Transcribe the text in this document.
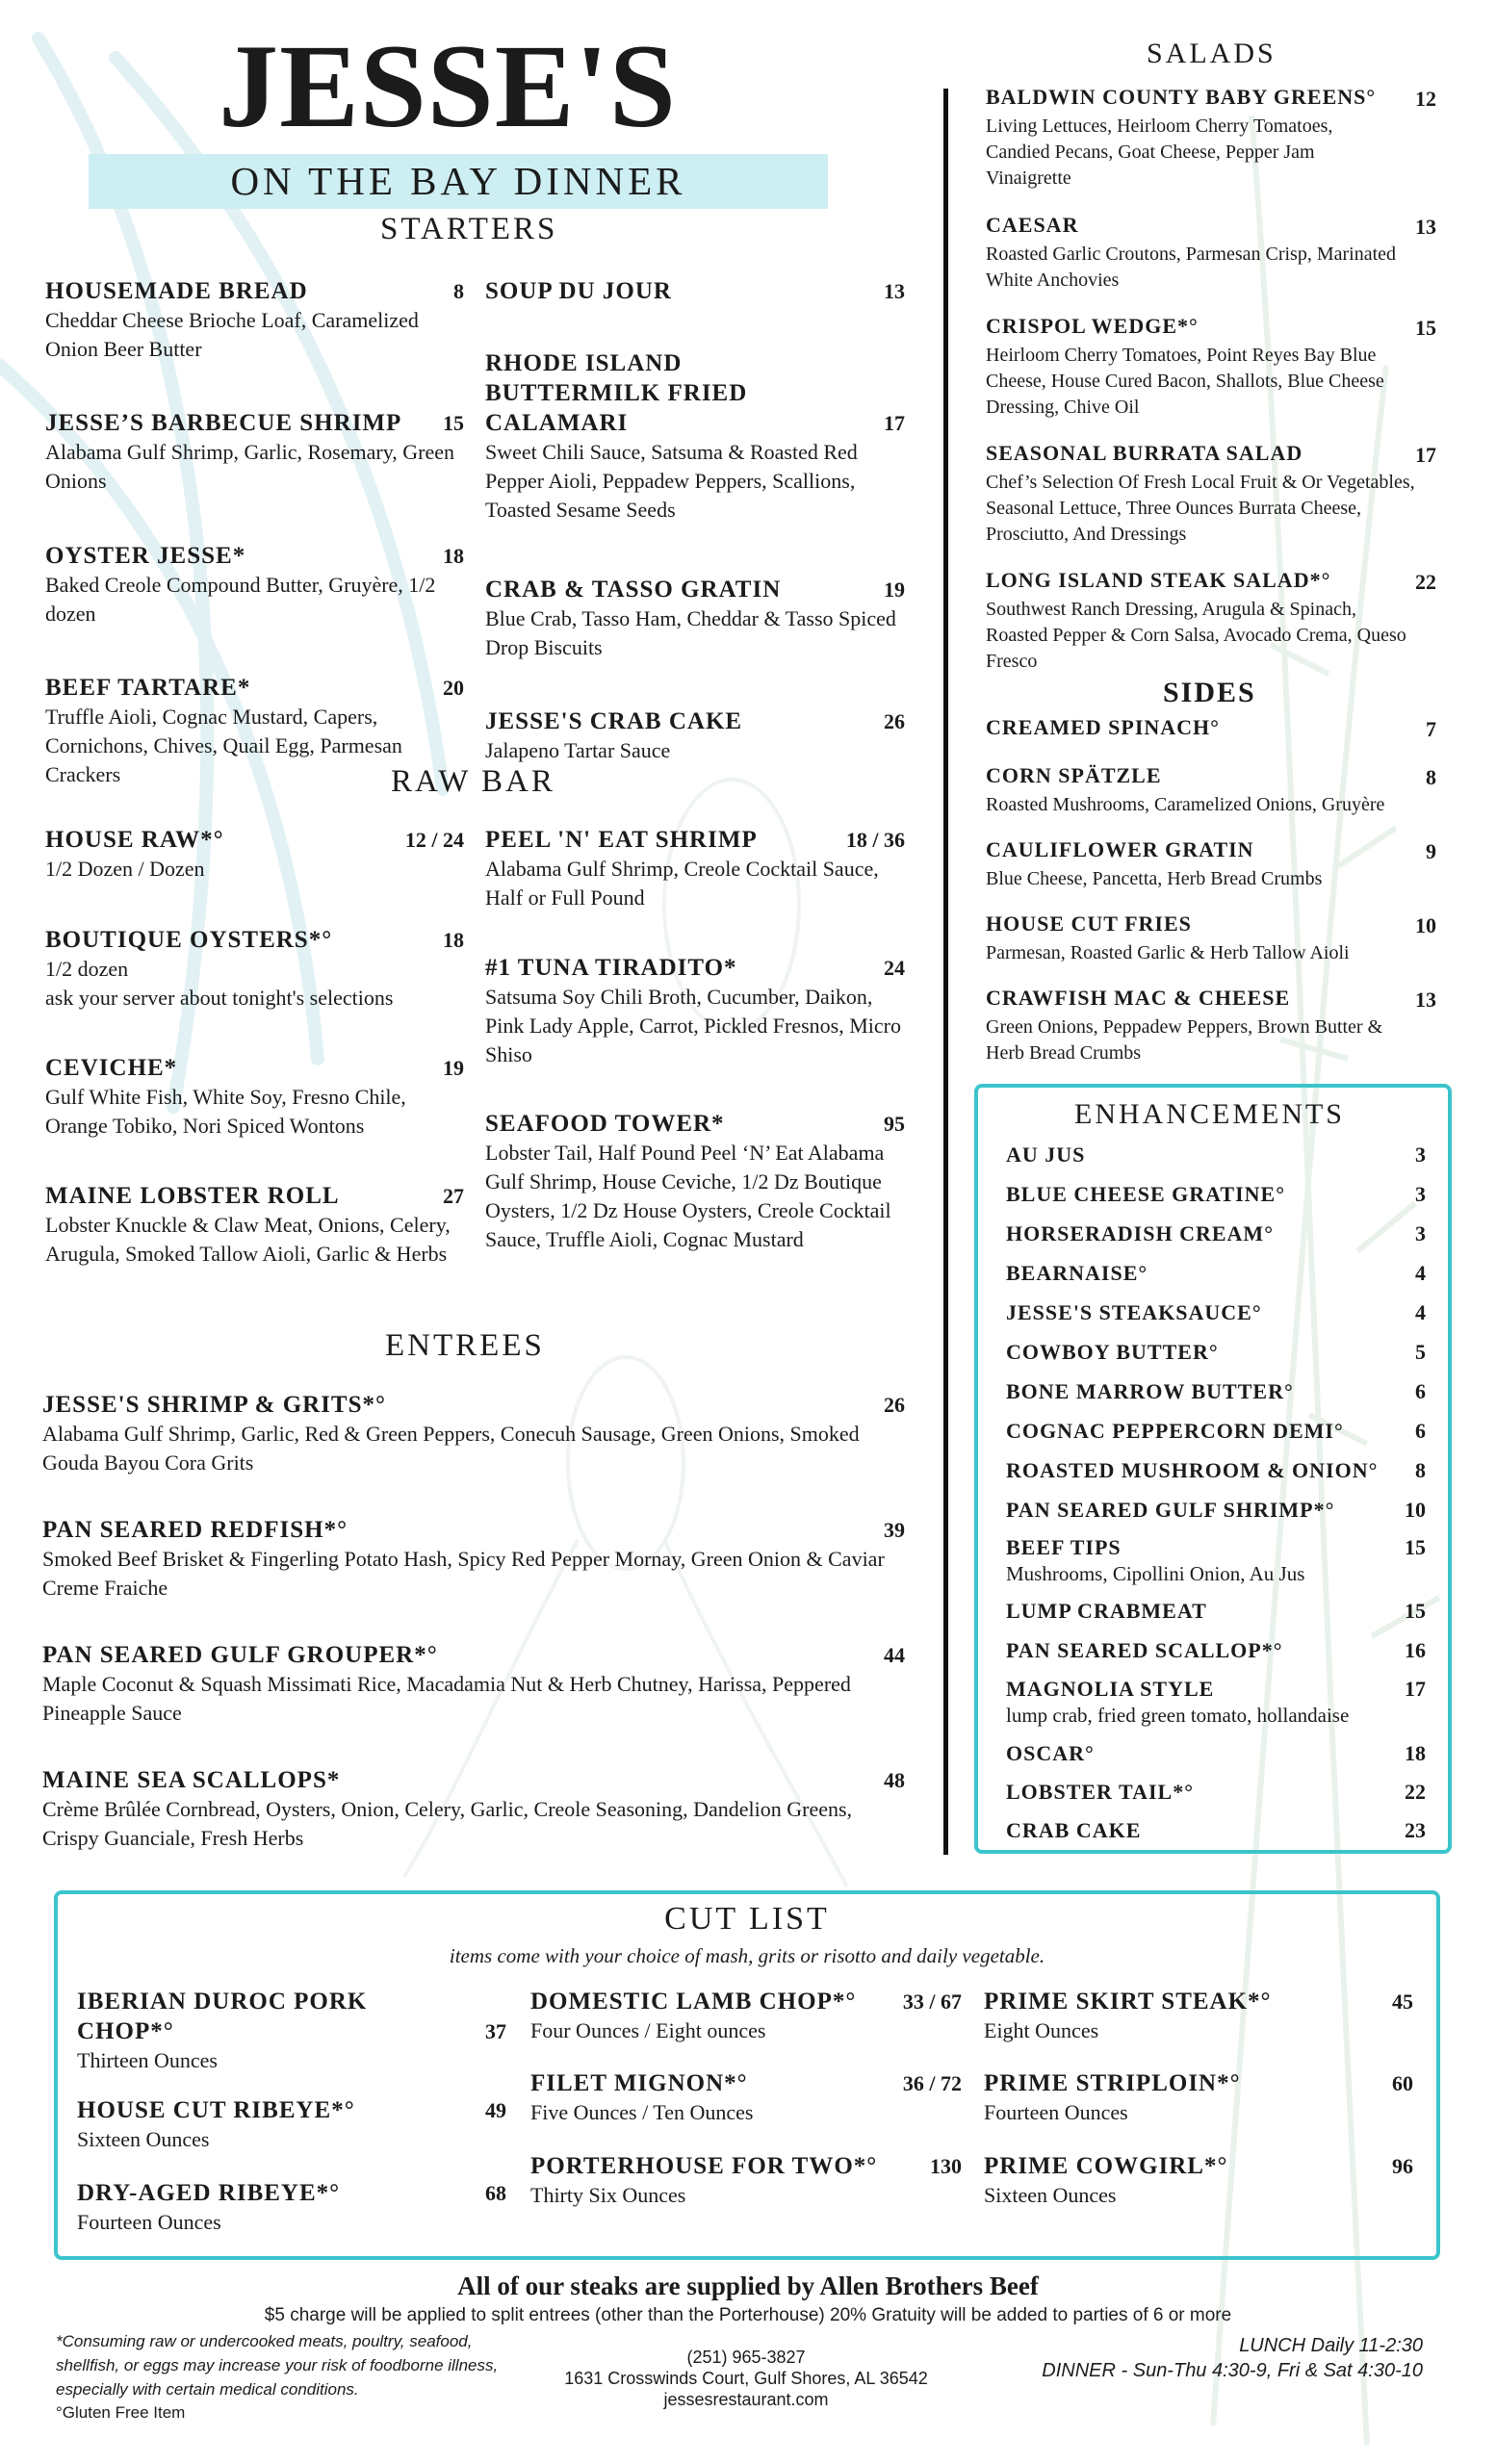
JESSE'S
ON THE BAY DINNER
STARTERS
HOUSEMADE BREAD	8
Cheddar Cheese Brioche Loaf, Caramelized Onion Beer Butter
JESSE’S BARBECUE SHRIMP	15
Alabama Gulf Shrimp, Garlic, Rosemary, Green Onions
OYSTER JESSE*	18
Baked Creole Compound Butter, Gruyère, 1/2 dozen
BEEF TARTARE*	20
Truffle Aioli, Cognac Mustard, Capers, Cornichons, Chives, Quail Egg, Parmesan Crackers
SOUP DU JOUR	13
RHODE ISLAND BUTTERMILK FRIED CALAMARI	17
Sweet Chili Sauce, Satsuma & Roasted Red Pepper Aioli, Peppadew Peppers, Scallions, Toasted Sesame Seeds
CRAB & TASSO GRATIN	19
Blue Crab, Tasso Ham, Cheddar & Tasso Spiced Drop Biscuits
JESSE'S CRAB CAKE	26
Jalapeno Tartar Sauce
RAW BAR
HOUSE RAW*°	12 / 24
1/2 Dozen / Dozen
BOUTIQUE OYSTERS*°	18
1/2 dozen
ask your server about tonight's selections
CEVICHE*	19
Gulf White Fish, White Soy, Fresno Chile, Orange Tobiko, Nori Spiced Wontons
MAINE LOBSTER ROLL	27
Lobster Knuckle & Claw Meat, Onions, Celery, Arugula, Smoked Tallow Aioli, Garlic & Herbs
PEEL 'N' EAT SHRIMP	18 / 36
Alabama Gulf Shrimp, Creole Cocktail Sauce, Half or Full Pound
#1 TUNA TIRADITO*	24
Satsuma Soy Chili Broth, Cucumber, Daikon, Pink Lady Apple, Carrot, Pickled Fresnos, Micro Shiso
SEAFOOD TOWER*	95
Lobster Tail, Half Pound Peel ‘N’ Eat Alabama Gulf Shrimp, House Ceviche, 1/2 Dz Boutique Oysters, 1/2 Dz House Oysters, Creole Cocktail Sauce, Truffle Aioli, Cognac Mustard
ENTREES
JESSE'S SHRIMP & GRITS*°	26
Alabama Gulf Shrimp, Garlic, Red & Green Peppers, Conecuh Sausage, Green Onions, Smoked Gouda Bayou Cora Grits
PAN SEARED REDFISH*°	39
Smoked Beef Brisket & Fingerling Potato Hash, Spicy Red Pepper Mornay, Green Onion & Caviar Creme Fraiche
PAN SEARED GULF GROUPER*°	44
Maple Coconut & Squash Missimati Rice, Macadamia Nut & Herb Chutney, Harissa, Peppered Pineapple Sauce
MAINE SEA SCALLOPS*	48
Crème Brûlée Cornbread, Oysters, Onion, Celery, Garlic, Creole Seasoning, Dandelion Greens, Crispy Guanciale, Fresh Herbs
SALADS
BALDWIN COUNTY BABY GREENS°	12
Living Lettuces, Heirloom Cherry Tomatoes, Candied Pecans, Goat Cheese, Pepper Jam Vinaigrette
CAESAR	13
Roasted Garlic Croutons, Parmesan Crisp, Marinated White Anchovies
CRISPOL WEDGE*°	15
Heirloom Cherry Tomatoes, Point Reyes Bay Blue Cheese, House Cured Bacon, Shallots, Blue Cheese Dressing, Chive Oil
SEASONAL BURRATA SALAD	17
Chef’s Selection Of Fresh Local Fruit & Or Vegetables, Seasonal Lettuce, Three Ounces Burrata Cheese, Prosciutto, And Dressings
LONG ISLAND STEAK SALAD*°	22
Southwest Ranch Dressing, Arugula & Spinach, Roasted Pepper & Corn Salsa, Avocado Crema, Queso Fresco
SIDES
CREAMED SPINACH°	7
CORN SPÄTZLE	8
Roasted Mushrooms, Caramelized Onions, Gruyère
CAULIFLOWER GRATIN	9
Blue Cheese, Pancetta, Herb Bread Crumbs
HOUSE CUT FRIES	10
Parmesan, Roasted Garlic & Herb Tallow Aioli
CRAWFISH MAC & CHEESE	13
Green Onions, Peppadew Peppers, Brown Butter & Herb Bread Crumbs
ENHANCEMENTS
AU JUS	3
BLUE CHEESE GRATINE°	3
HORSERADISH CREAM°	3
BEARNAISE°	4
JESSE'S STEAKSAUCE°	4
COWBOY BUTTER°	5
BONE MARROW BUTTER°	6
COGNAC PEPPERCORN DEMI°	6
ROASTED MUSHROOM & ONION°	8
PAN SEARED GULF SHRIMP*°	10
BEEF TIPS	15
Mushrooms, Cipollini Onion, Au Jus
LUMP CRABMEAT	15
PAN SEARED SCALLOP*°	16
MAGNOLIA STYLE	17
lump crab, fried green tomato, hollandaise
OSCAR°	18
LOBSTER TAIL*°	22
CRAB CAKE	23
CUT LIST
items come with your choice of mash, grits or risotto and daily vegetable.
IBERIAN DUROC PORK CHOP*°	37
Thirteen Ounces
HOUSE CUT RIBEYE*°	49
Sixteen Ounces
DRY-AGED RIBEYE*°	68
Fourteen Ounces
DOMESTIC LAMB CHOP*°	33 / 67
Four Ounces / Eight ounces
FILET MIGNON*°	36 / 72
Five Ounces / Ten Ounces
PORTERHOUSE FOR TWO*°	130
Thirty Six Ounces
PRIME SKIRT STEAK*°	45
Eight Ounces
PRIME STRIPLOIN*°	60
Fourteen Ounces
PRIME COWGIRL*°	96
Sixteen Ounces
All of our steaks are supplied by Allen Brothers Beef
$5 charge will be applied to split entrees (other than the Porterhouse) 20% Gratuity will be added to parties of 6 or more
*Consuming raw or undercooked meats, poultry, seafood, shellfish, or eggs may increase your risk of foodborne illness, especially with certain medical conditions.
°Gluten Free Item
(251) 965-3827
1631 Crosswinds Court, Gulf Shores, AL 36542
jessesrestaurant.com
LUNCH Daily 11-2:30
DINNER - Sun-Thu 4:30-9, Fri & Sat 4:30-10
